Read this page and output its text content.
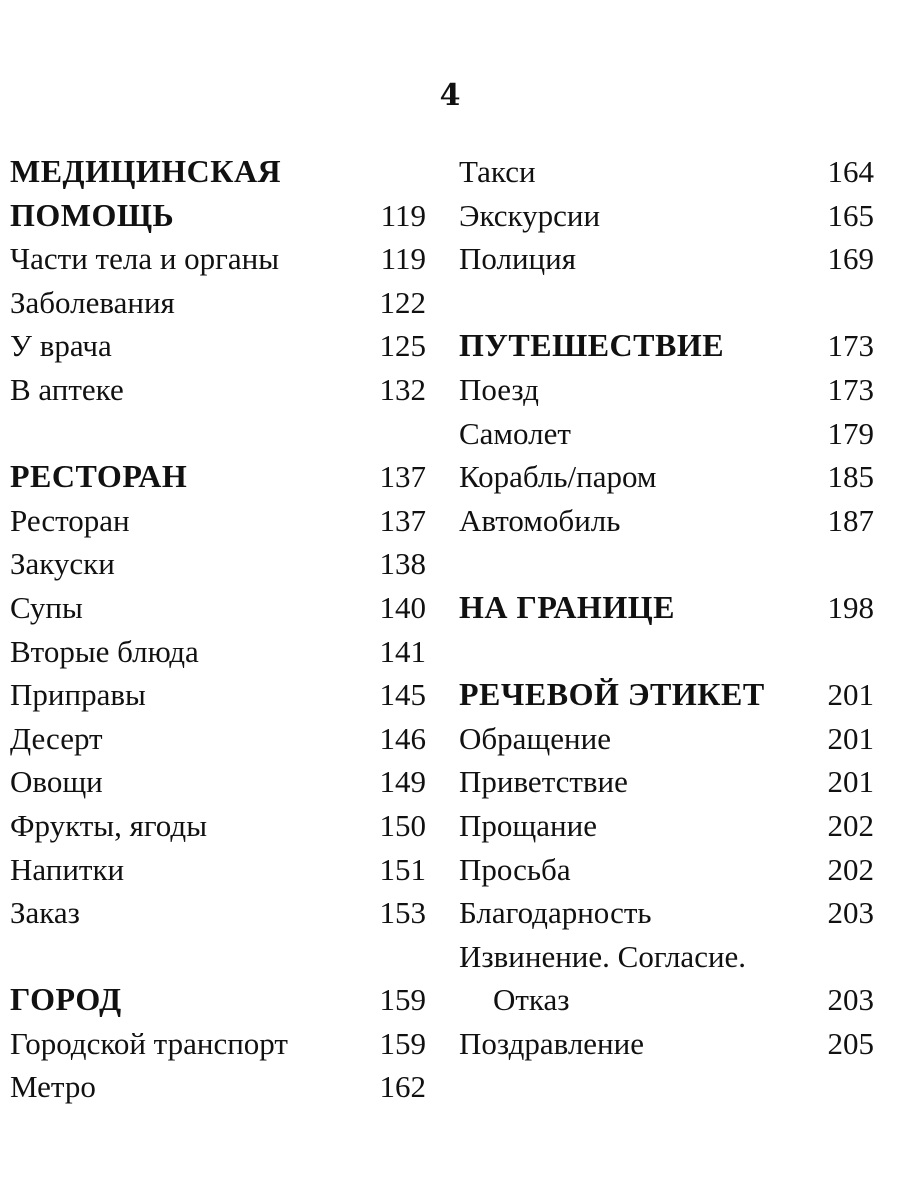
4
МЕДИЦИНСКАЯ
ПОМОЩЬ	119
Части тела и органы	119
Заболевания	122
У врача	125
В аптеке	132
РЕСТОРАН	137
Ресторан	137
Закуски	138
Супы	140
Вторые блюда	141
Приправы	145
Десерт	146
Овощи	149
Фрукты, ягоды	150
Напитки	151
Заказ	153
ГОРОД	159
Городской транспорт	159
Метро	162
Такси	164
Экскурсии	165
Полиция	169
ПУТЕШЕСТВИЕ	173
Поезд	173
Самолет	179
Корабль/паром	185
Автомобиль	187
НА ГРАНИЦЕ	198
РЕЧЕВОЙ ЭТИКЕТ 201
Обращение	201
Приветствие	201
Прощание	202
Просьба	202
Благодарность	203
Извинение. Согласие.
Отказ	203
Поздравление	205
